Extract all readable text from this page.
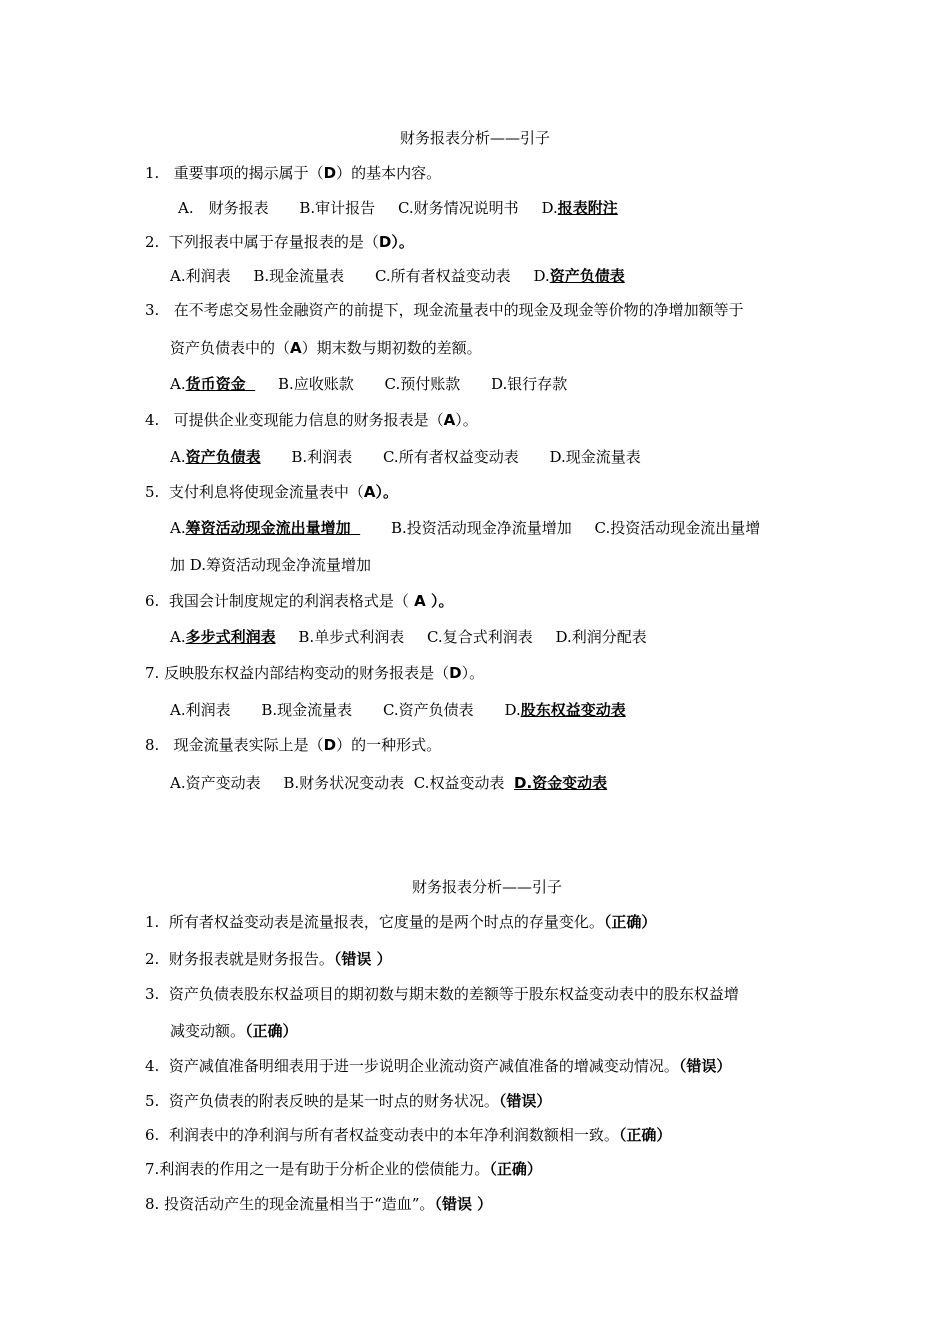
财务报表分析——引子
1. 重要事项的揭示属于（D）的基本内容。
A.　财务报表 B.审计报告 C.财务情况说明书 D.报表附注
2. 下列报表中属于存量报表的是（D）。
A.利润表 B.现金流量表 C.所有者权益变动表 D.资产负债表
3. 在不考虑交易性金融资产的前提下，现金流量表中的现金及现金等价物的净增加额等于
资产负债表中的（A）期末数与期初数的差额。
A.货币资金 B.应收账款 C.预付账款 D.银行存款
4. 可提供企业变现能力信息的财务报表是（A）。
A.资产负债表 B.利润表 C.所有者权益变动表 D.现金流量表
5. 支付利息将使现金流量表中（A）。
A.筹资活动现金流出量增加	B.投资活动现金净流量增加 C.投资活动现金流出量增
加 D.筹资活动现金净流量增加
6. 我国会计制度规定的利润表格式是（ A ）。
A.多步式利润表 B.单步式利润表 C.复合式利润表 D.利润分配表
7. 反映股东权益内部结构变动的财务报表是（D）。
A.利润表 B.现金流量表 C.资产负债表 D.股东权益变动表
8. 现金流量表实际上是（D）的一种形式。
A.资产变动表 B.财务状况变动表 C.权益变动表 D.资金变动表
财务报表分析——引子
1. 所有者权益变动表是流量报表，它度量的是两个时点的存量变化。（正确）
2. 财务报表就是财务报告。（错误 ）
3. 资产负债表股东权益项目的期初数与期末数的差额等于股东权益变动表中的股东权益增
减变动额。（正确）
4. 资产减值准备明细表用于进一步说明企业流动资产减值准备的增减变动情况。（错误）
5. 资产负债表的附表反映的是某一时点的财务状况。（错误）
6. 利润表中的净利润与所有者权益变动表中的本年净利润数额相一致。（正确）
7.利润表的作用之一是有助于分析企业的偿债能力。（正确）
8. 投资活动产生的现金流量相当于“造血”。（错误 ）
